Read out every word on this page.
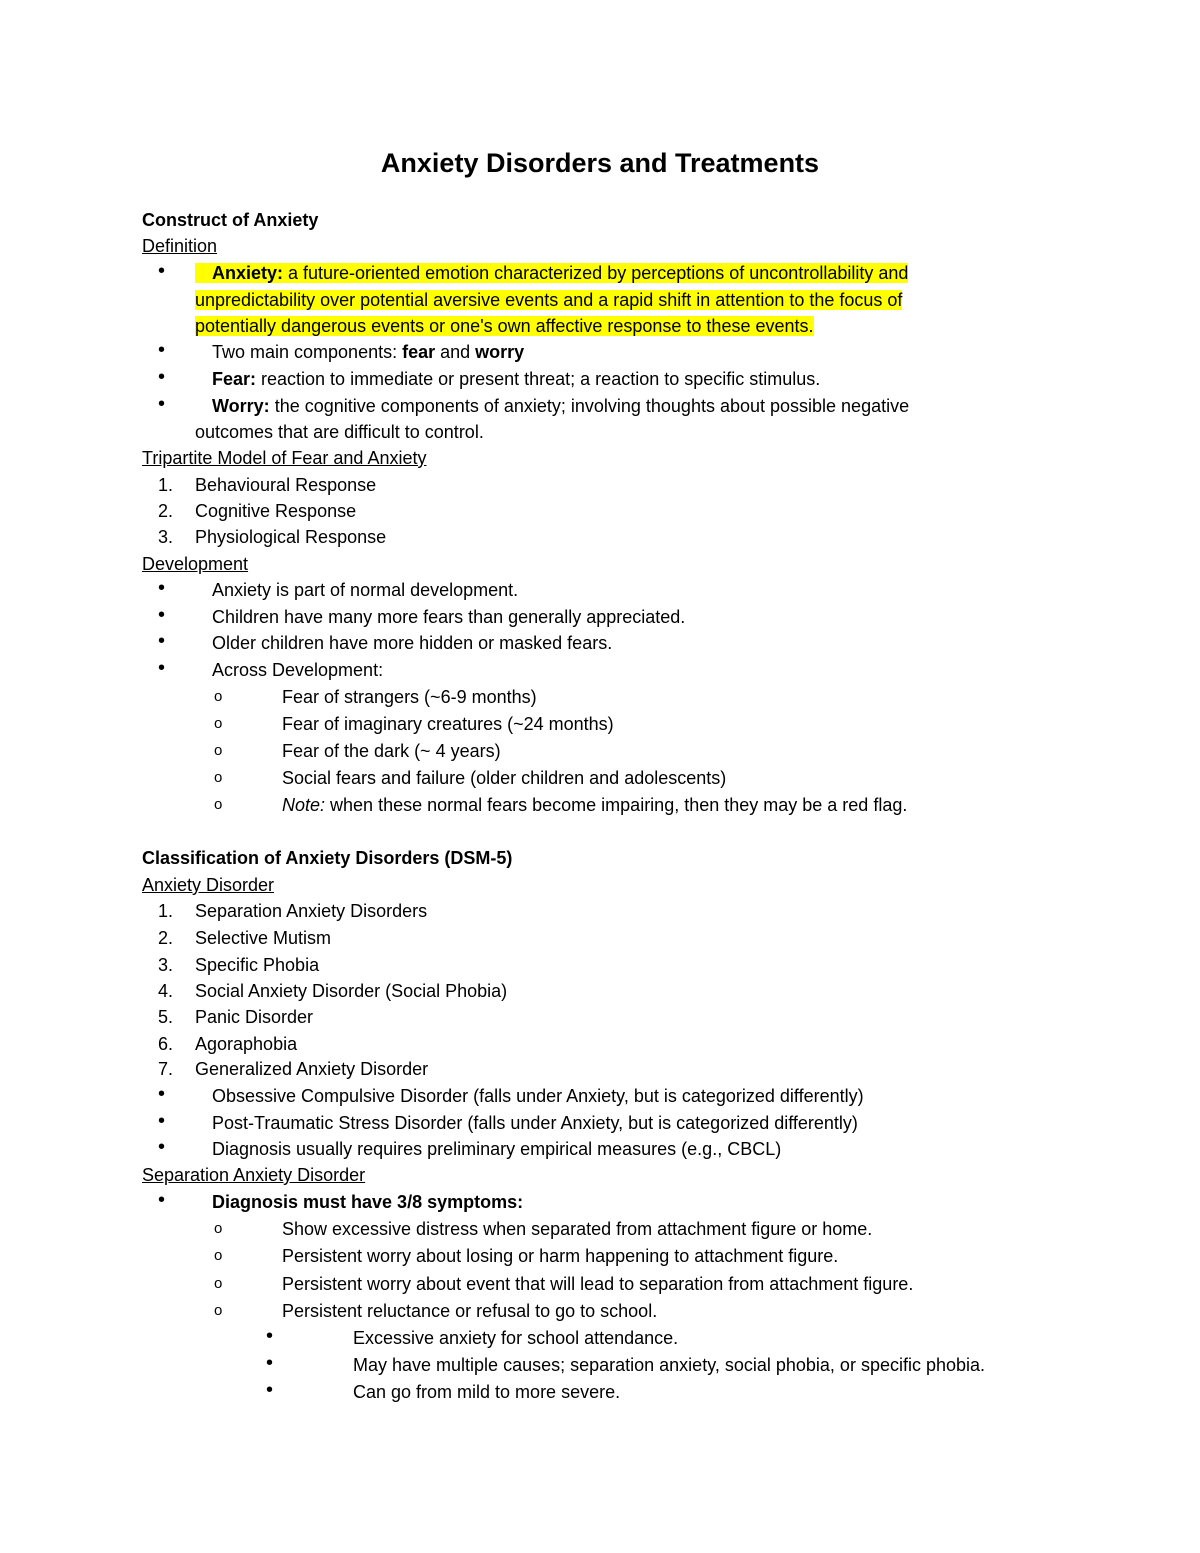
Anxiety Disorders and Treatments
Construct of Anxiety
Definition
•	Anxiety: a future-oriented emotion characterized by perceptions of uncontrollability and
unpredictability over potential aversive events and a rapid shift in attention to the focus of
potentially dangerous events or one's own affective response to these events.
•	Two main components: fear and worry
•	Fear: reaction to immediate or present threat; a reaction to specific stimulus.
•	Worry: the cognitive components of anxiety; involving thoughts about possible negative
outcomes that are difficult to control.
Tripartite Model of Fear and Anxiety
1. Behavioural Response
2. Cognitive Response
3. Physiological Response
Development
•	Anxiety is part of normal development.
•	Children have many more fears than generally appreciated.
•	Older children have more hidden or masked fears.
•	Across Development:
o	Fear of strangers (~6-9 months)
o	Fear of imaginary creatures (~24 months)
o	Fear of the dark (~ 4 years)
o	Social fears and failure (older children and adolescents)
o	Note: when these normal fears become impairing, then they may be a red flag.
Classification of Anxiety Disorders (DSM-5)
Anxiety Disorder
1. Separation Anxiety Disorders
2. Selective Mutism
3. Specific Phobia
4. Social Anxiety Disorder (Social Phobia)
5. Panic Disorder
6. Agoraphobia
7. Generalized Anxiety Disorder
•	Obsessive Compulsive Disorder (falls under Anxiety, but is categorized differently)
•	Post-Traumatic Stress Disorder (falls under Anxiety, but is categorized differently)
•	Diagnosis usually requires preliminary empirical measures (e.g., CBCL)
Separation Anxiety Disorder
•	Diagnosis must have 3/8 symptoms:
o	Show excessive distress when separated from attachment figure or home.
o	Persistent worry about losing or harm happening to attachment figure.
o	Persistent worry about event that will lead to separation from attachment figure.
o	Persistent reluctance or refusal to go to school.
•	Excessive anxiety for school attendance.
•	May have multiple causes; separation anxiety, social phobia, or specific phobia.
•	Can go from mild to more severe.
